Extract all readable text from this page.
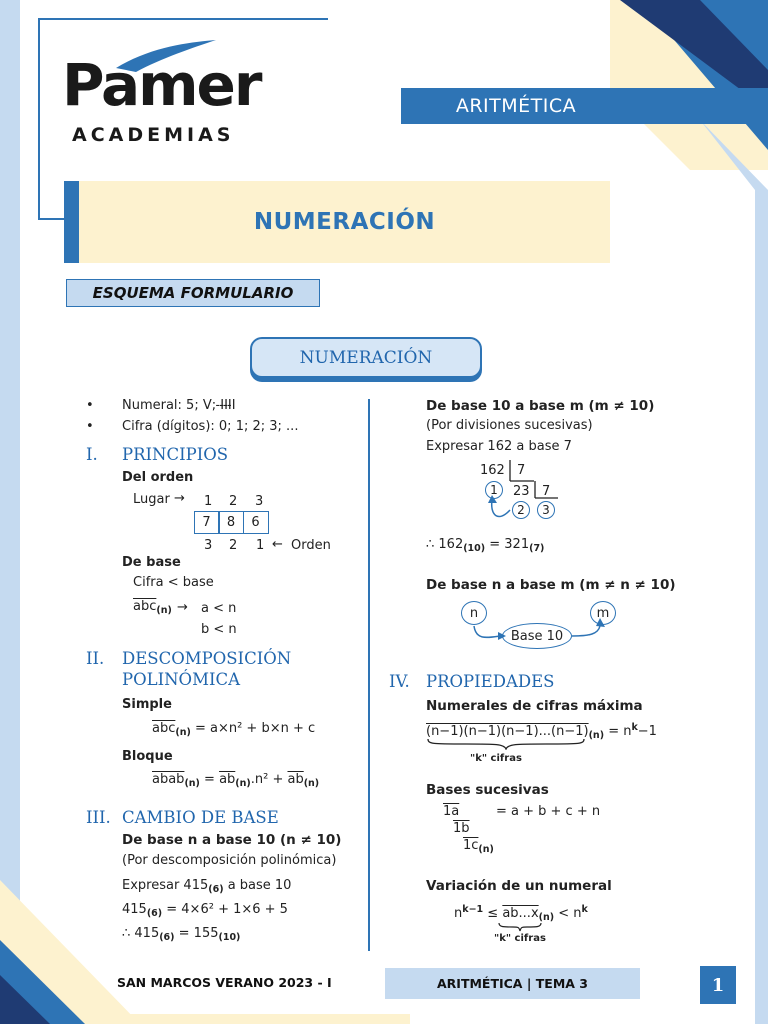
Pamer
ACADEMIAS
ARITMÉTICA
NUMERACIÓN
ESQUEMA FORMULARIO
NUMERACIÓN
• Numeral: 5; V; ̵I̵I̵I̵I
• Cifra (dígitos): 0; 1; 2; 3; ...
I. PRINCIPIOS
Del orden
Lugar → 1 2 3
7	8	6
3 2 1 ← Orden
De base
Cifra < base
$\overline{abc}_{(n)} \to a < n$
b < n
II. DESCOMPOSICIÓN
POLINÓMICA
Simple
$\overline{abc}_{(n)} = a\times n^2 + b\times n + c$
Bloque
abab$_{(n)}$ = $\overline{ab}_{(n)}.n^2 + \overline{ab}_{(n)}$
III. CAMBIO DE BASE
De base n a base 10 (n ≠ 10)
(Por descomposición polinómica)
Expresar $415_{(6)}$ a base 10
$415_{(6)} = 4\times 6^2 + 1\times 6 + 5$
∴ $415_{(6)} = 155_{(10)}$
De base 10 a base m (m ≠ 10)
(Por divisiones sucesivas)
Expresar 162 a base 7
162 7
23 7
1
2	3
∴ $162_{(10)} = 321_{(7)}$
De base n a base m (m ≠ n ≠ 10)
n	m
Base 10
IV. PROPIEDADES
Numerales de cifras máxima
$(n-1)(n-1)(n-1)...(n-1)_{(n)} = n^k-1$
"k" cifras
Bases sucesivas
1a
1b
$1c_{(n)}$
= a + b + c + n
Variación de un numeral
$n^{k-1} \le ab...x_{(n)} < n^k$
"k" cifras
SAN MARCOS VERANO 2023 - I	ARITMÉTICA | TEMA 3	1
